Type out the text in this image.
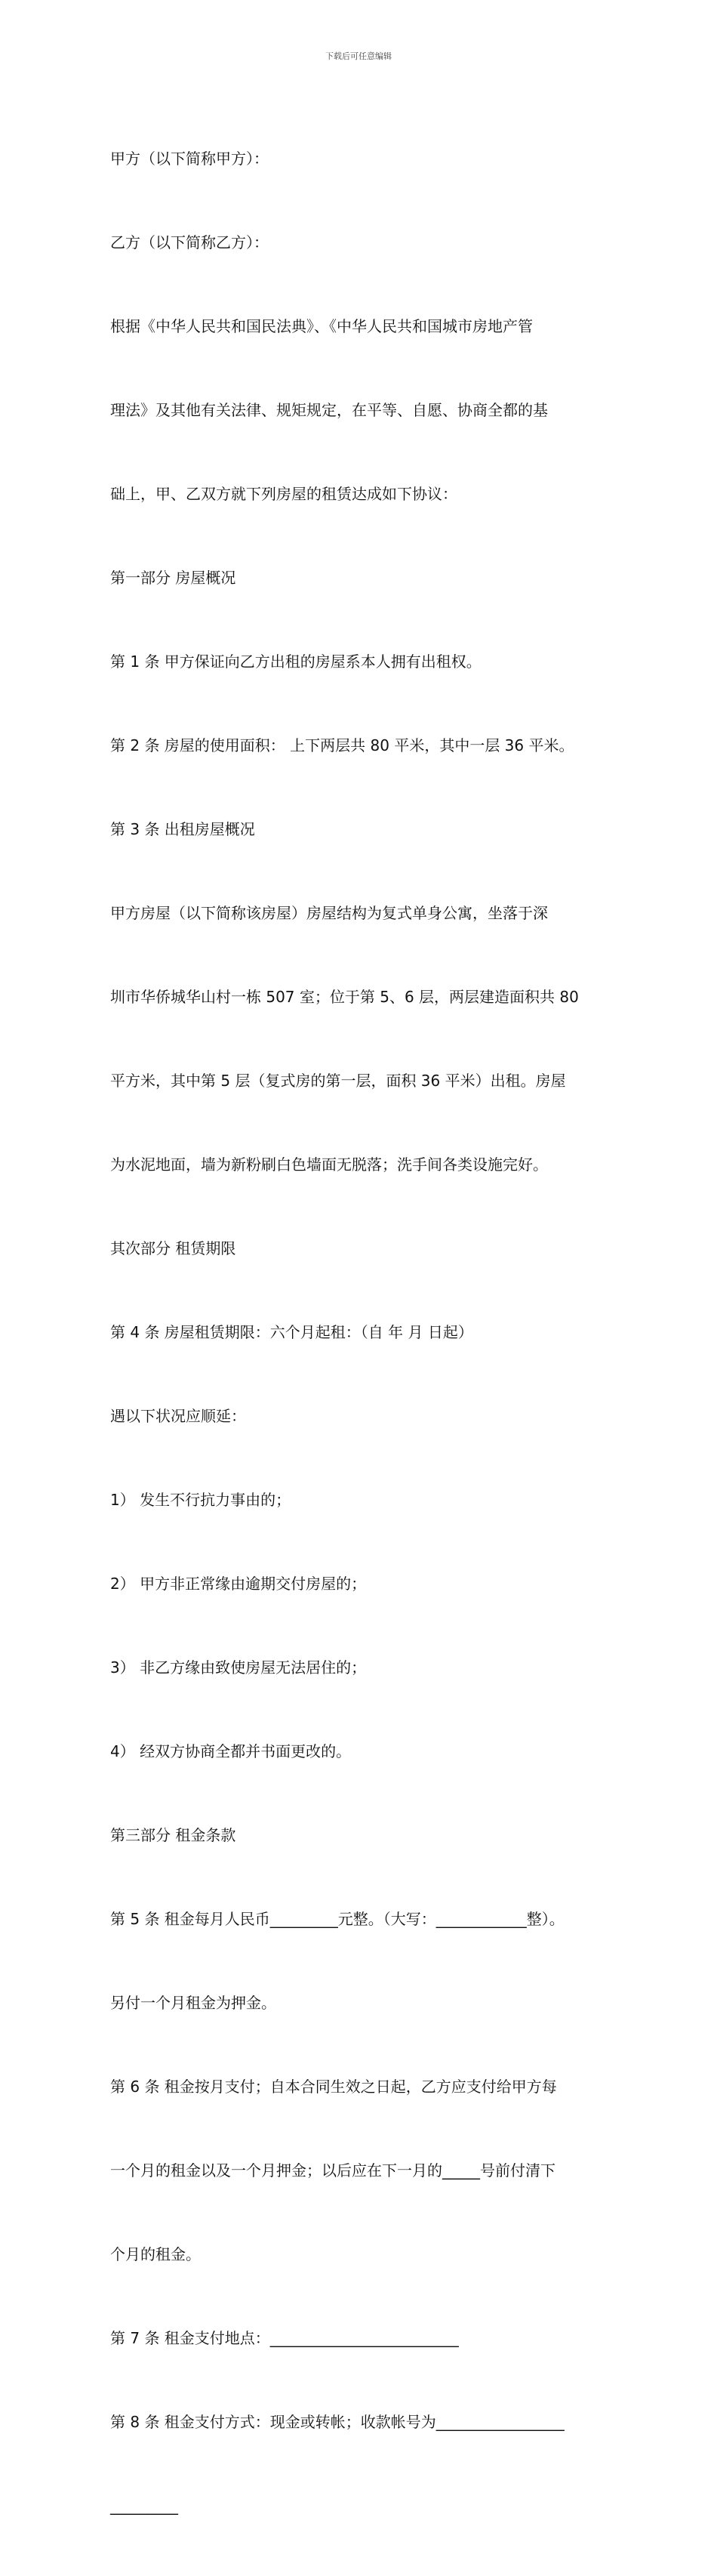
下载后可任意编辑

甲方（以下简称甲方）：

乙方（以下简称乙方）：

根据《中华人民共和国民法典》、《中华人民共和国城市房地产管

理法》及其他有关法律、规矩规定，在平等、自愿、协商全都的基

础上，甲、乙双方就下列房屋的租赁达成如下协议：

第一部分 房屋概况

第 1 条 甲方保证向乙方出租的房屋系本人拥有出租权。

第 2 条 房屋的使用面积： 上下两层共 80 平米，其中一层 36 平米。

第 3 条 出租房屋概况

甲方房屋（以下简称该房屋）房屋结构为复式单身公寓，坐落于深

圳市华侨城华山村一栋 507 室；位于第 5、6 层，两层建造面积共 80

平方米，其中第 5 层（复式房的第一层，面积 36 平米）出租。房屋

为水泥地面，墙为新粉刷白色墙面无脱落；洗手间各类设施完好。

其次部分 租赁期限

第 4 条 房屋租赁期限：六个月起租：（自 年 月 日起）

遇以下状况应顺延：

1） 发生不行抗力事由的；

2） 甲方非正常缘由逾期交付房屋的；

3） 非乙方缘由致使房屋无法居住的；

4） 经双方协商全都并书面更改的。

第三部分 租金条款

第 5 条 租金每月人民币_________元整。（大写：____________整）。

另付一个月租金为押金。

第 6 条 租金按月支付；自本合同生效之日起，乙方应支付给甲方每

一个月的租金以及一个月押金；以后应在下一月的_____号前付清下

个月的租金。

第 7 条 租金支付地点：_________________________

第 8 条 租金支付方式：现金或转帐；收款帐号为_________________

_________
